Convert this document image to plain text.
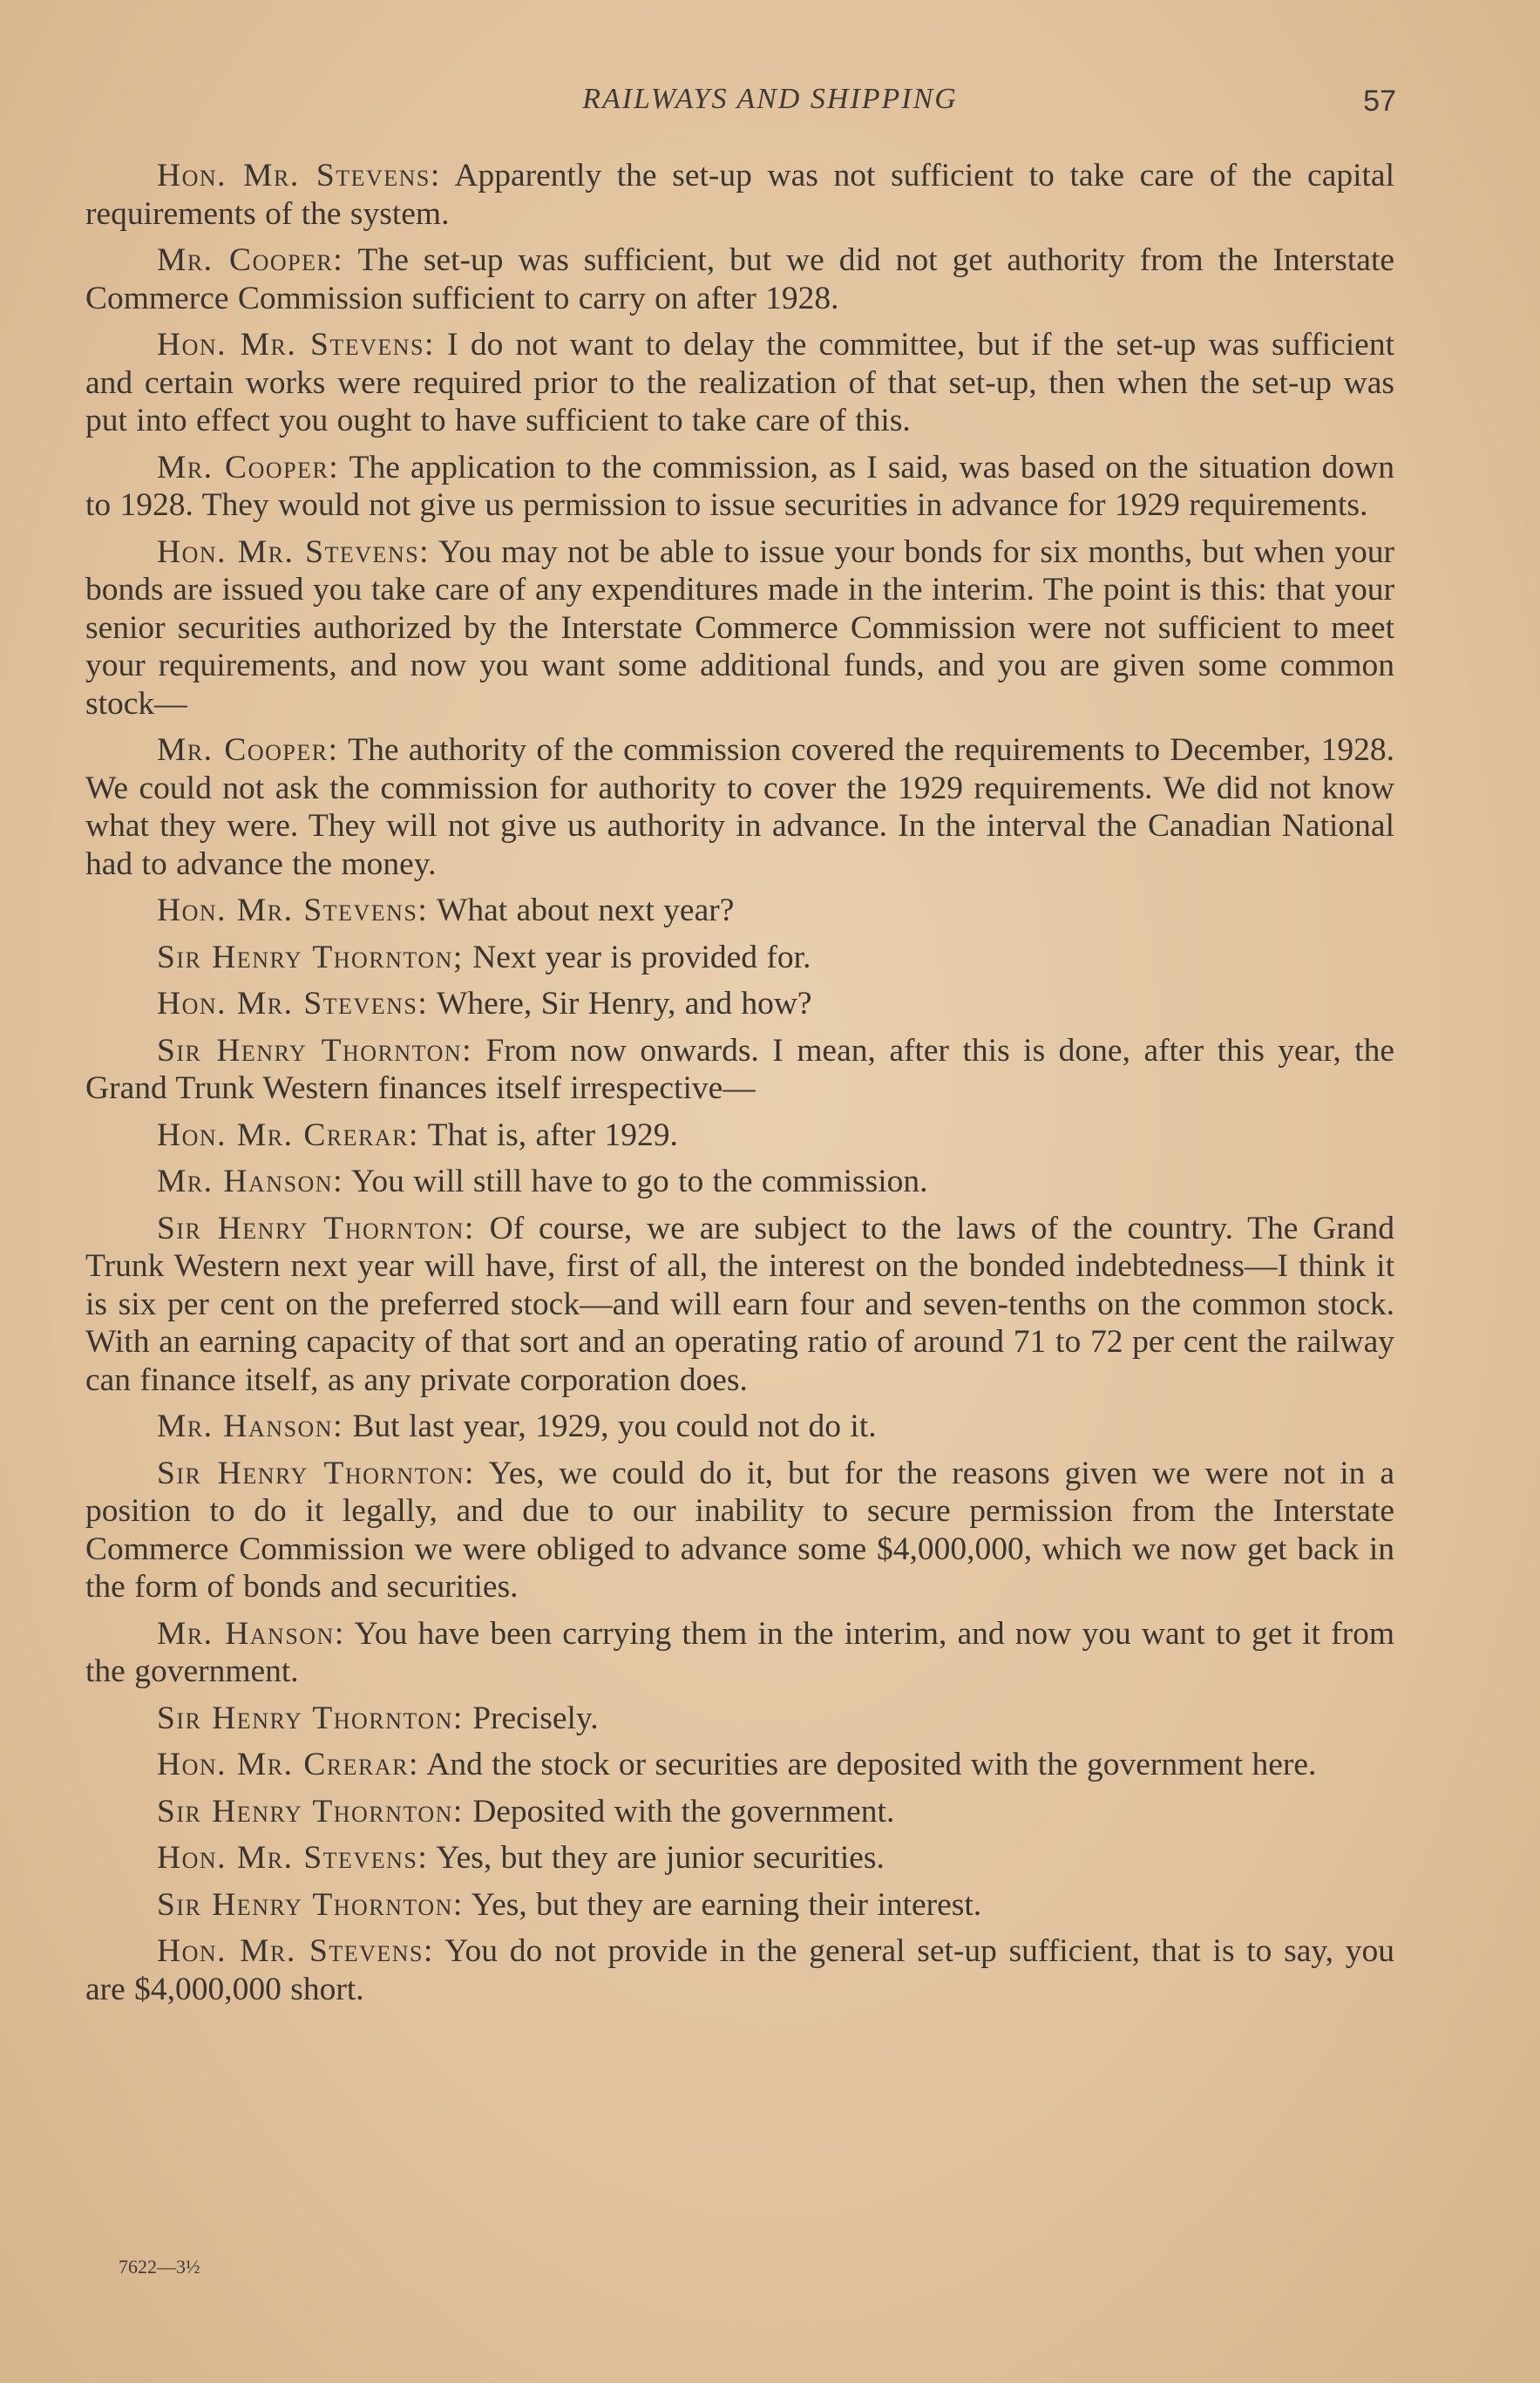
RAILWAYS AND SHIPPING	57

Hon. Mr. Stevens: Apparently the set-up was not sufficient to take care of the capital requirements of the system.

Mr. Cooper: The set-up was sufficient, but we did not get authority from the Interstate Commerce Commission sufficient to carry on after 1928.

Hon. Mr. Stevens: I do not want to delay the committee, but if the set-up was sufficient and certain works were required prior to the realization of that set-up, then when the set-up was put into effect you ought to have sufficient to take care of this.

Mr. Cooper: The application to the commission, as I said, was based on the situation down to 1928. They would not give us permission to issue securities in advance for 1929 requirements.

Hon. Mr. Stevens: You may not be able to issue your bonds for six months, but when your bonds are issued you take care of any expenditures made in the interim. The point is this: that your senior securities authorized by the Interstate Commerce Commission were not sufficient to meet your requirements, and now you want some additional funds, and you are given some common stock—

Mr. Cooper: The authority of the commission covered the requirements to December, 1928. We could not ask the commission for authority to cover the 1929 requirements. We did not know what they were. They will not give us authority in advance. In the interval the Canadian National had to advance the money.

Hon. Mr. Stevens: What about next year?

Sir Henry Thornton; Next year is provided for.

Hon. Mr. Stevens: Where, Sir Henry, and how?

Sir Henry Thornton: From now onwards. I mean, after this is done, after this year, the Grand Trunk Western finances itself irrespective—

Hon. Mr. Crerar: That is, after 1929.

Mr. Hanson: You will still have to go to the commission.

Sir Henry Thornton: Of course, we are subject to the laws of the country. The Grand Trunk Western next year will have, first of all, the interest on the bonded indebtedness—I think it is six per cent on the preferred stock—and will earn four and seven-tenths on the common stock. With an earning capacity of that sort and an operating ratio of around 71 to 72 per cent the railway can finance itself, as any private corporation does.

Mr. Hanson: But last year, 1929, you could not do it.

Sir Henry Thornton: Yes, we could do it, but for the reasons given we were not in a position to do it legally, and due to our inability to secure permission from the Interstate Commerce Commission we were obliged to advance some $4,000,000, which we now get back in the form of bonds and securities.

Mr. Hanson: You have been carrying them in the interim, and now you want to get it from the government.

Sir Henry Thornton: Precisely.

Hon. Mr. Crerar: And the stock or securities are deposited with the government here.

Sir Henry Thornton: Deposited with the government.

Hon. Mr. Stevens: Yes, but they are junior securities.

Sir Henry Thornton: Yes, but they are earning their interest.

Hon. Mr. Stevens: You do not provide in the general set-up sufficient, that is to say, you are $4,000,000 short.

7622—3½
